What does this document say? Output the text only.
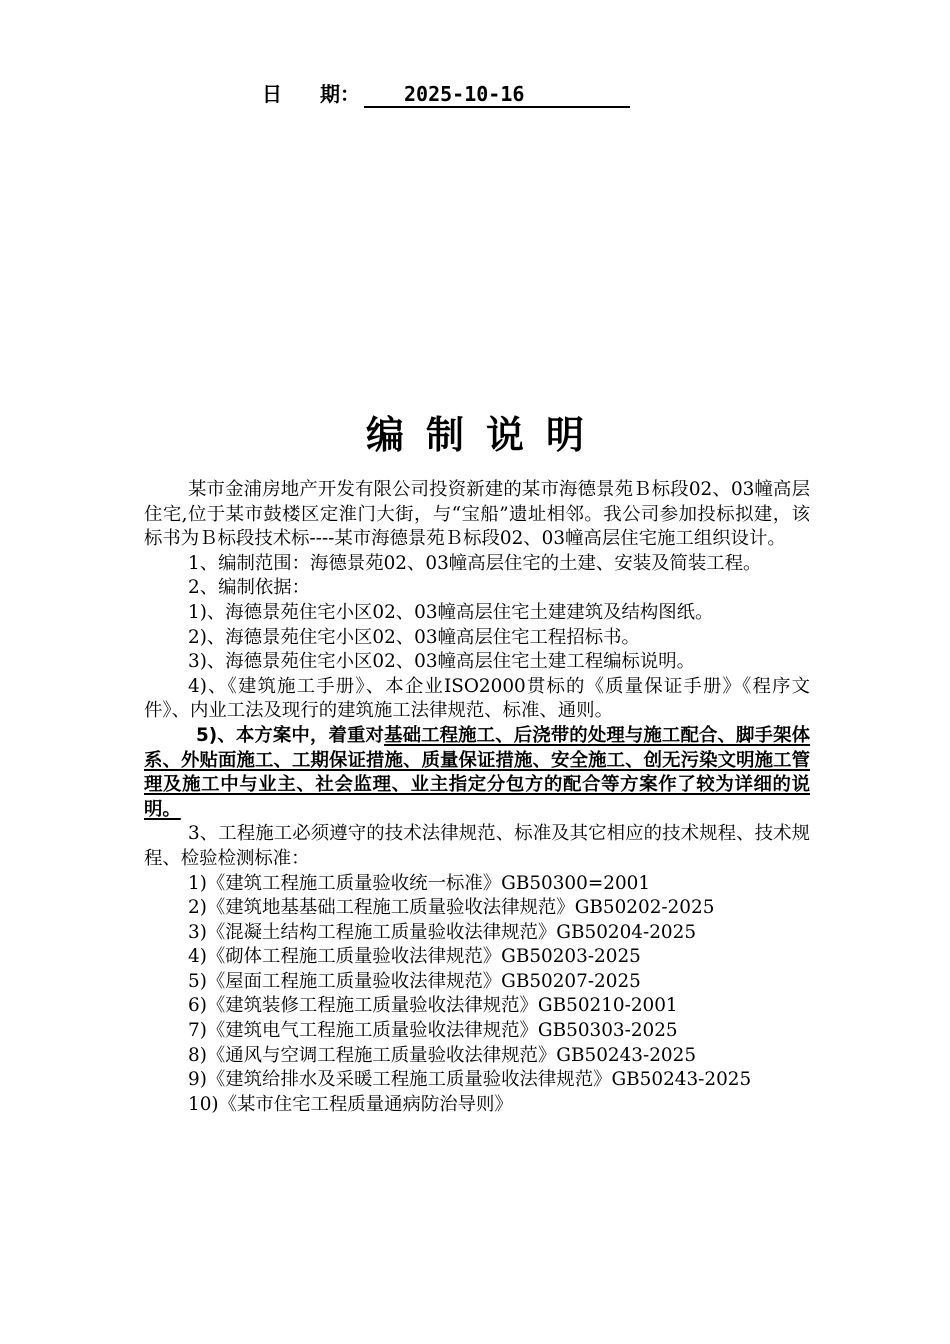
日 期： 2025-10-16
编制说明

某市金浦房地产开发有限公司投资新建的某市海德景苑Ｂ标段02、03幢高层住宅,位于某市鼓楼区定淮门大街，与“宝船”遗址相邻。我公司参加投标拟建，该标书为Ｂ标段技术标----某市海德景苑Ｂ标段02、03幢高层住宅施工组织设计。

1、编制范围：海德景苑02、03幢高层住宅的土建、安装及简装工程。

2、编制依据：

1)、海德景苑住宅小区02、03幢高层住宅土建建筑及结构图纸。

2)、海德景苑住宅小区02、03幢高层住宅工程招标书。

3)、海德景苑住宅小区02、03幢高层住宅土建工程编标说明。

4)、《建筑施工手册》、本企业ISO2000贯标的《质量保证手册》《程序文件》、内业工法及现行的建筑施工法律规范、标准、通则。

5)、本方案中，着重对基础工程施工、后浇带的处理与施工配合、脚手架体系、外贴面施工、工期保证措施、质量保证措施、安全施工、创无污染文明施工管理及施工中与业主、社会监理、业主指定分包方的配合等方案作了较为详细的说明。

3、工程施工必须遵守的技术法律规范、标准及其它相应的技术规程、技术规程、检验检测标准：

1)《建筑工程施工质量验收统一标准》GB50300=2001

2)《建筑地基基础工程施工质量验收法律规范》GB50202-2025

3)《混凝土结构工程施工质量验收法律规范》GB50204-2025

4)《砌体工程施工质量验收法律规范》GB50203-2025

5)《屋面工程施工质量验收法律规范》GB50207-2025

6)《建筑装修工程施工质量验收法律规范》GB50210-2001

7)《建筑电气工程施工质量验收法律规范》GB50303-2025

8)《通风与空调工程施工质量验收法律规范》GB50243-2025

9)《建筑给排水及采暖工程施工质量验收法律规范》GB50243-2025

10)《某市住宅工程质量通病防治导则》
